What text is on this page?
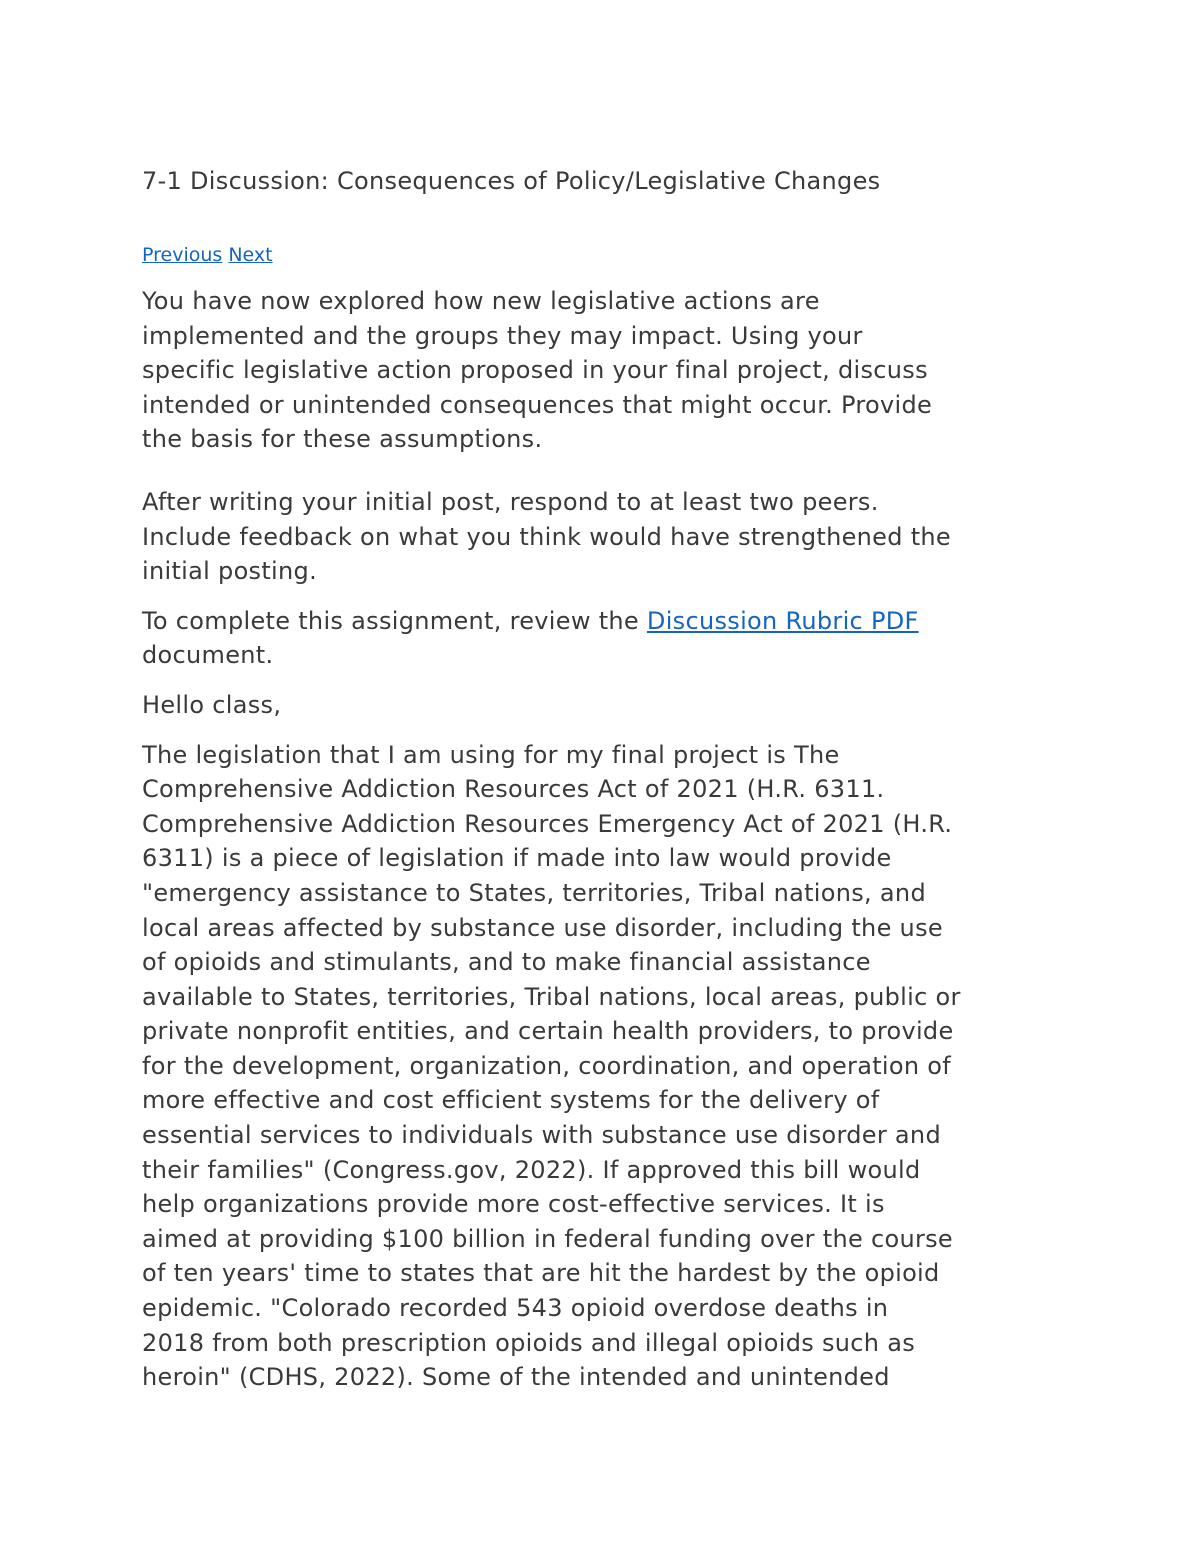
7-1 Discussion: Consequences of Policy/Legislative Changes
Previous Next

You have now explored how new legislative actions are
implemented and the groups they may impact. Using your
specific legislative action proposed in your final project, discuss
intended or unintended consequences that might occur. Provide
the basis for these assumptions.

After writing your initial post, respond to at least two peers.
Include feedback on what you think would have strengthened the
initial posting.

To complete this assignment, review the Discussion Rubric PDF
document.

Hello class,

The legislation that I am using for my final project is The
Comprehensive Addiction Resources Act of 2021 (H.R. 6311.
Comprehensive Addiction Resources Emergency Act of 2021 (H.R.
6311) is a piece of legislation if made into law would provide
"emergency assistance to States, territories, Tribal nations, and
local areas affected by substance use disorder, including the use
of opioids and stimulants, and to make financial assistance
available to States, territories, Tribal nations, local areas, public or
private nonprofit entities, and certain health providers, to provide
for the development, organization, coordination, and operation of
more effective and cost efficient systems for the delivery of
essential services to individuals with substance use disorder and
their families" (Congress.gov, 2022). If approved this bill would
help organizations provide more cost-effective services. It is
aimed at providing $100 billion in federal funding over the course
of ten years' time to states that are hit the hardest by the opioid
epidemic. "Colorado recorded 543 opioid overdose deaths in
2018 from both prescription opioids and illegal opioids such as
heroin" (CDHS, 2022). Some of the intended and unintended
